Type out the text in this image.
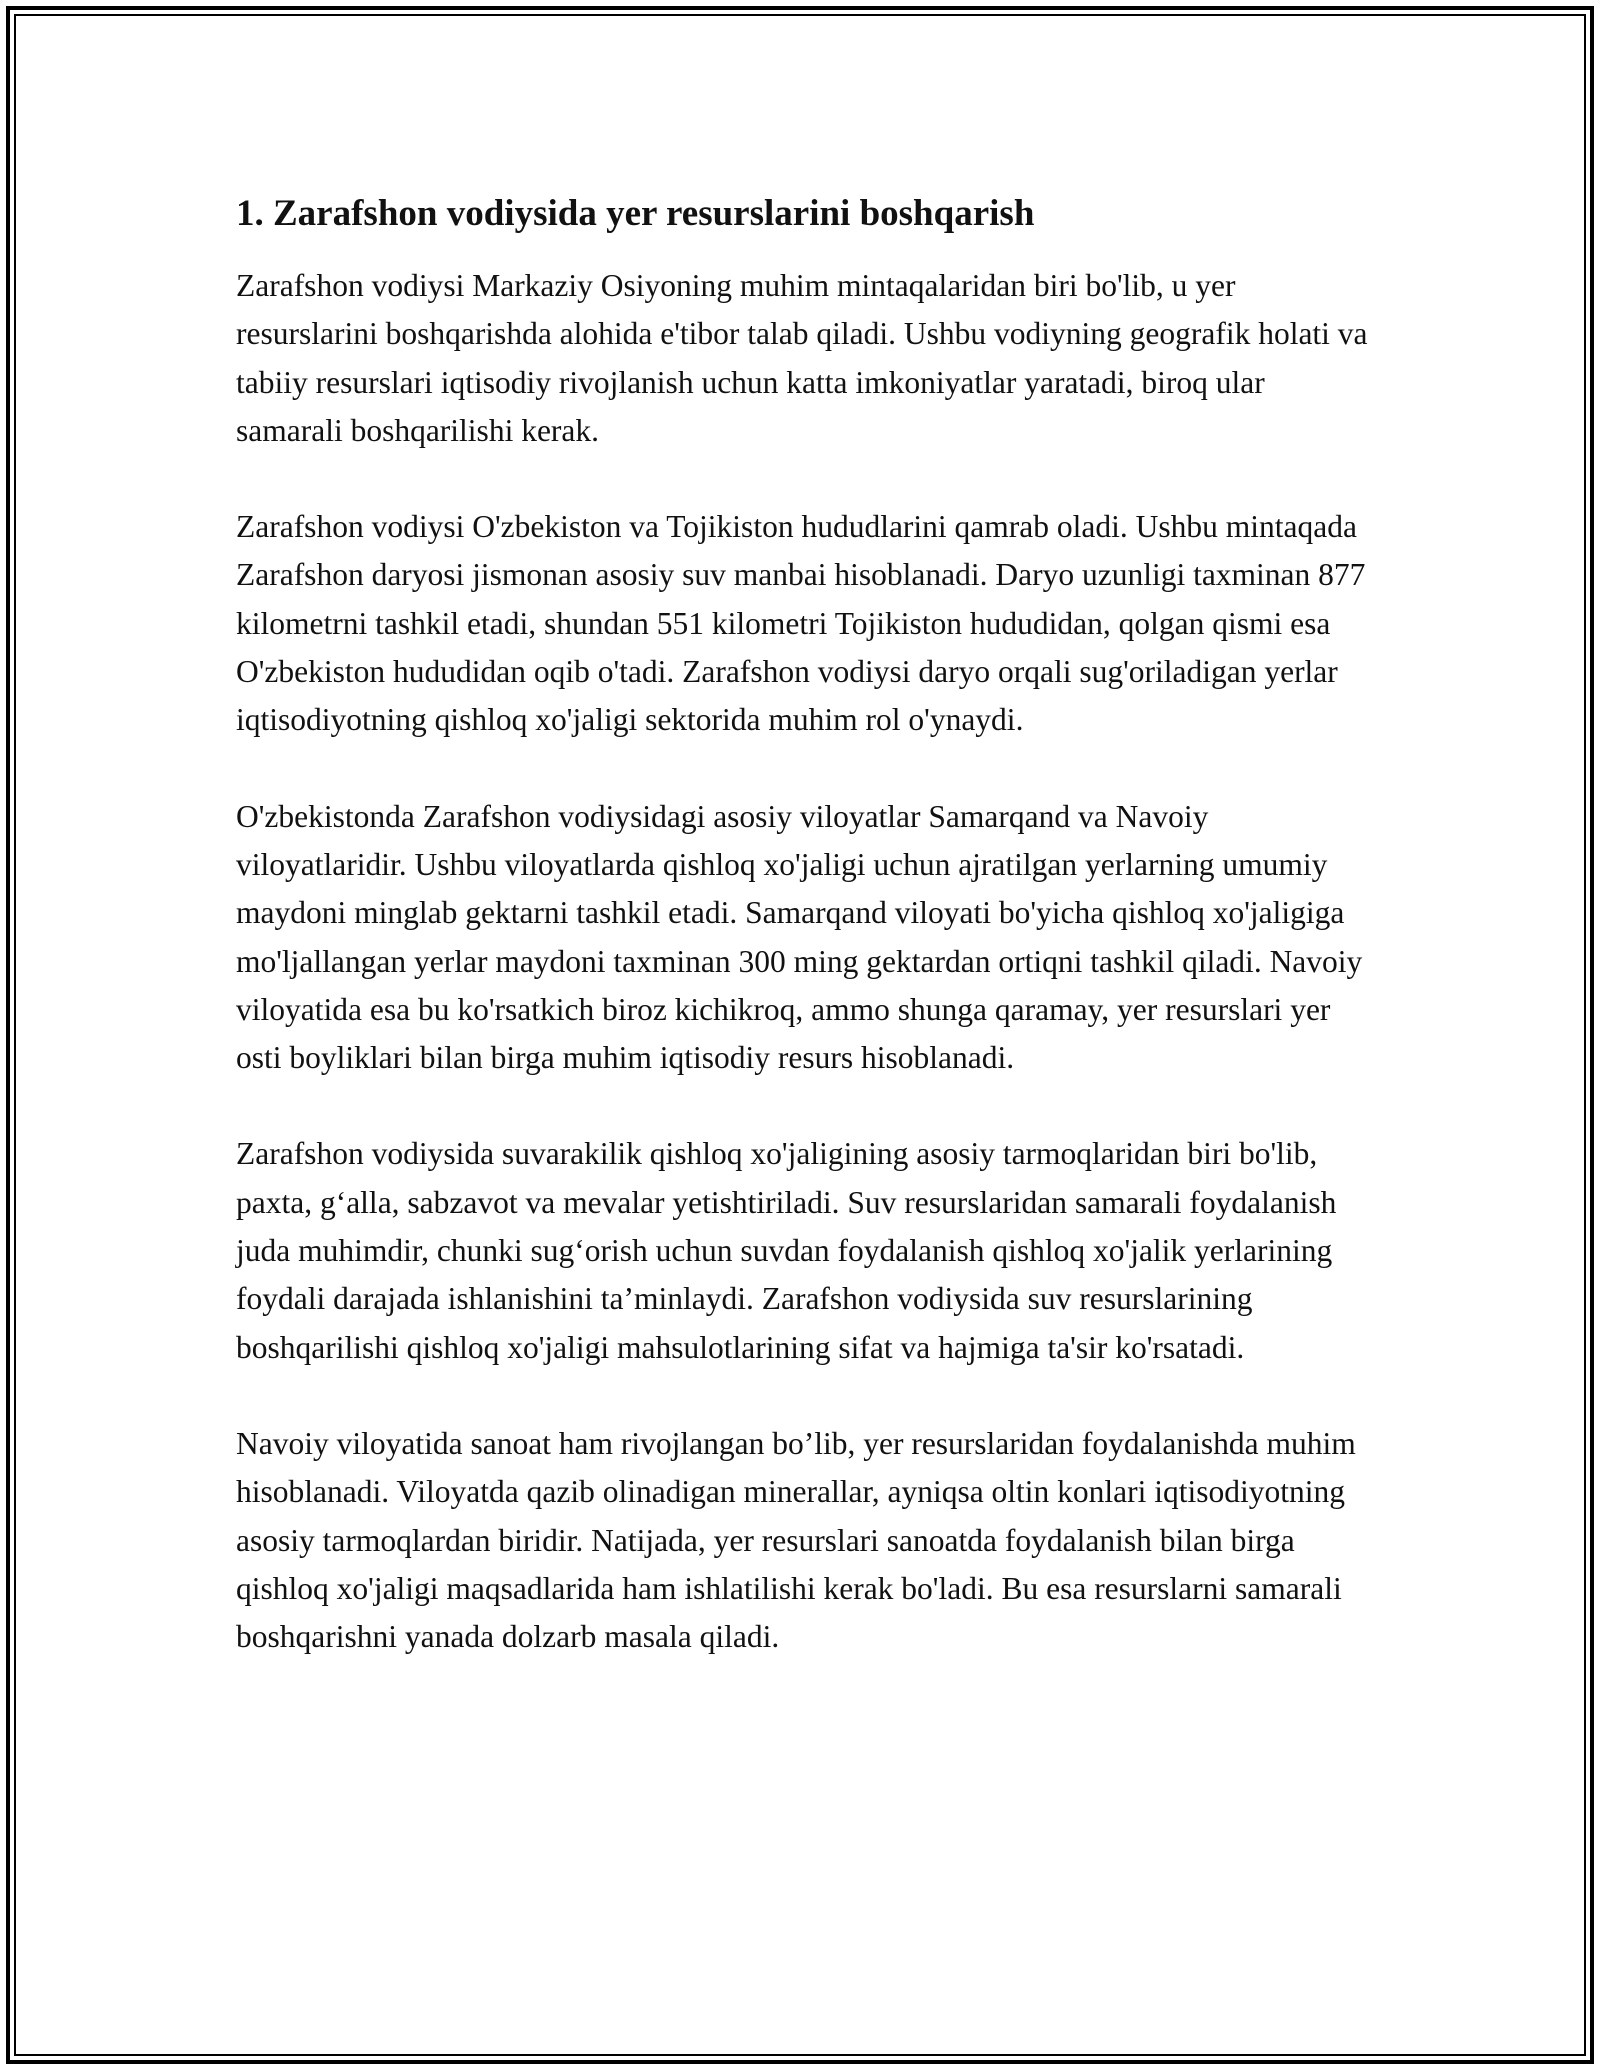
1. Zarafshon vodiysida yer resurslarini boshqarish

Zarafshon vodiysi Markaziy Osiyoning muhim mintaqalaridan biri bo'lib, u yer resurslarini boshqarishda alohida e'tibor talab qiladi. Ushbu vodiyning geografik holati va tabiiy resurslari iqtisodiy rivojlanish uchun katta imkoniyatlar yaratadi, biroq ular samarali boshqarilishi kerak.

Zarafshon vodiysi O'zbekiston va Tojikiston hududlarini qamrab oladi. Ushbu mintaqada Zarafshon daryosi jismonan asosiy suv manbai hisoblanadi. Daryo uzunligi taxminan 877 kilometrni tashkil etadi, shundan 551 kilometri Tojikiston hududidan, qolgan qismi esa O'zbekiston hududidan oqib o'tadi. Zarafshon vodiysi daryo orqali sug'oriladigan yerlar iqtisodiyotning qishloq xo'jaligi sektorida muhim rol o'ynaydi.

O'zbekistonda Zarafshon vodiysidagi asosiy viloyatlar Samarqand va Navoiy viloyatlaridir. Ushbu viloyatlarda qishloq xo'jaligi uchun ajratilgan yerlarning umumiy maydoni minglab gektarni tashkil etadi. Samarqand viloyati bo'yicha qishloq xo'jaligiga mo'ljallangan yerlar maydoni taxminan 300 ming gektardan ortiqni tashkil qiladi. Navoiy viloyatida esa bu ko'rsatkich biroz kichikroq, ammo shunga qaramay, yer resurslari yer osti boyliklari bilan birga muhim iqtisodiy resurs hisoblanadi.

Zarafshon vodiysida suvarakilik qishloq xo'jaligining asosiy tarmoqlaridan biri bo'lib, paxta, g‘alla, sabzavot va mevalar yetishtiriladi. Suv resurslaridan samarali foydalanish juda muhimdir, chunki sug‘orish uchun suvdan foydalanish qishloq xo'jalik yerlarining foydali darajada ishlanishini ta’minlaydi. Zarafshon vodiysida suv resurslarining boshqarilishi qishloq xo'jaligi mahsulotlarining sifat va hajmiga ta'sir ko'rsatadi.

Navoiy viloyatida sanoat ham rivojlangan bo’lib, yer resurslaridan foydalanishda muhim hisoblanadi. Viloyatda qazib olinadigan minerallar, ayniqsa oltin konlari iqtisodiyotning asosiy tarmoqlardan biridir. Natijada, yer resurslari sanoatda foydalanish bilan birga qishloq xo'jaligi maqsadlarida ham ishlatilishi kerak bo'ladi. Bu esa resurslarni samarali boshqarishni yanada dolzarb masala qiladi.
